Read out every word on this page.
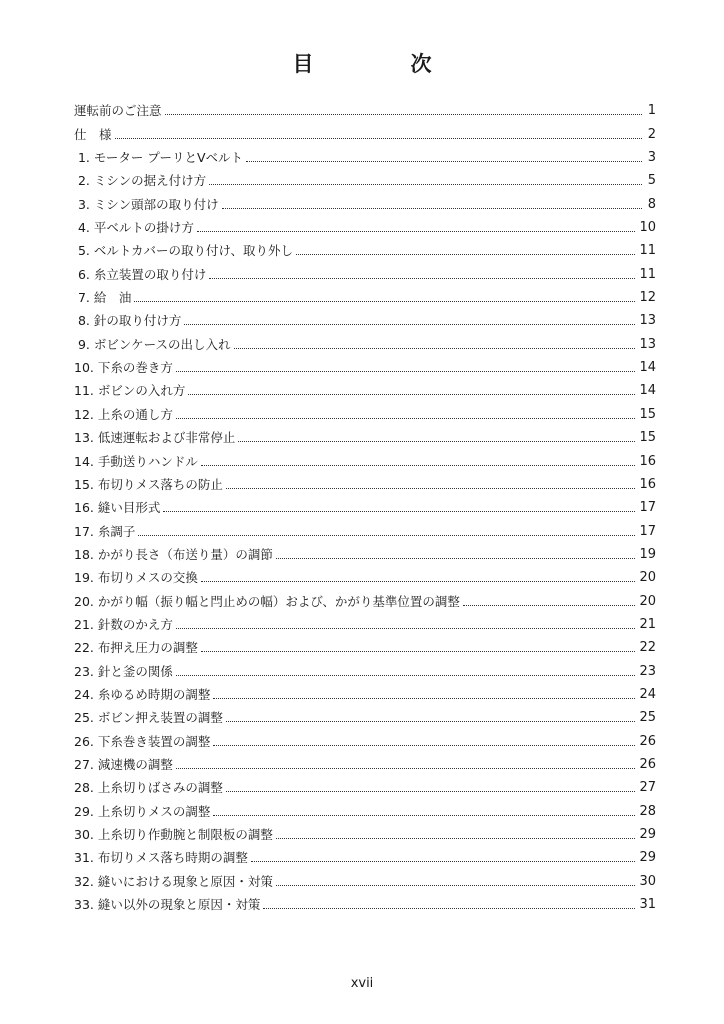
目　次
運転前のご注意	1
仕　様	2
1. モーター プーリとVベルト	3
2. ミシンの据え付け方	5
3. ミシン頭部の取り付け	8
4. 平ベルトの掛け方	10
5. ベルトカバーの取り付け、取り外し	11
6. 糸立装置の取り付け	11
7. 給　油	12
8. 針の取り付け方	13
9. ボビンケースの出し入れ	13
10. 下糸の巻き方	14
11. ボビンの入れ方	14
12. 上糸の通し方	15
13. 低速運転および非常停止	15
14. 手動送りハンドル	16
15. 布切りメス落ちの防止	16
16. 縫い目形式	17
17. 糸調子	17
18. かがり長さ（布送り量）の調節	19
19. 布切りメスの交換	20
20. かがり幅（振り幅と閂止めの幅）および、かがり基準位置の調整	20
21. 針数のかえ方	21
22. 布押え圧力の調整	22
23. 針と釜の関係	23
24. 糸ゆるめ時期の調整	24
25. ボビン押え装置の調整	25
26. 下糸巻き装置の調整	26
27. 減速機の調整	26
28. 上糸切りばさみの調整	27
29. 上糸切りメスの調整	28
30. 上糸切り作動腕と制限板の調整	29
31. 布切りメス落ち時期の調整	29
32. 縫いにおける現象と原因・対策	30
33. 縫い以外の現象と原因・対策	31
xvii
